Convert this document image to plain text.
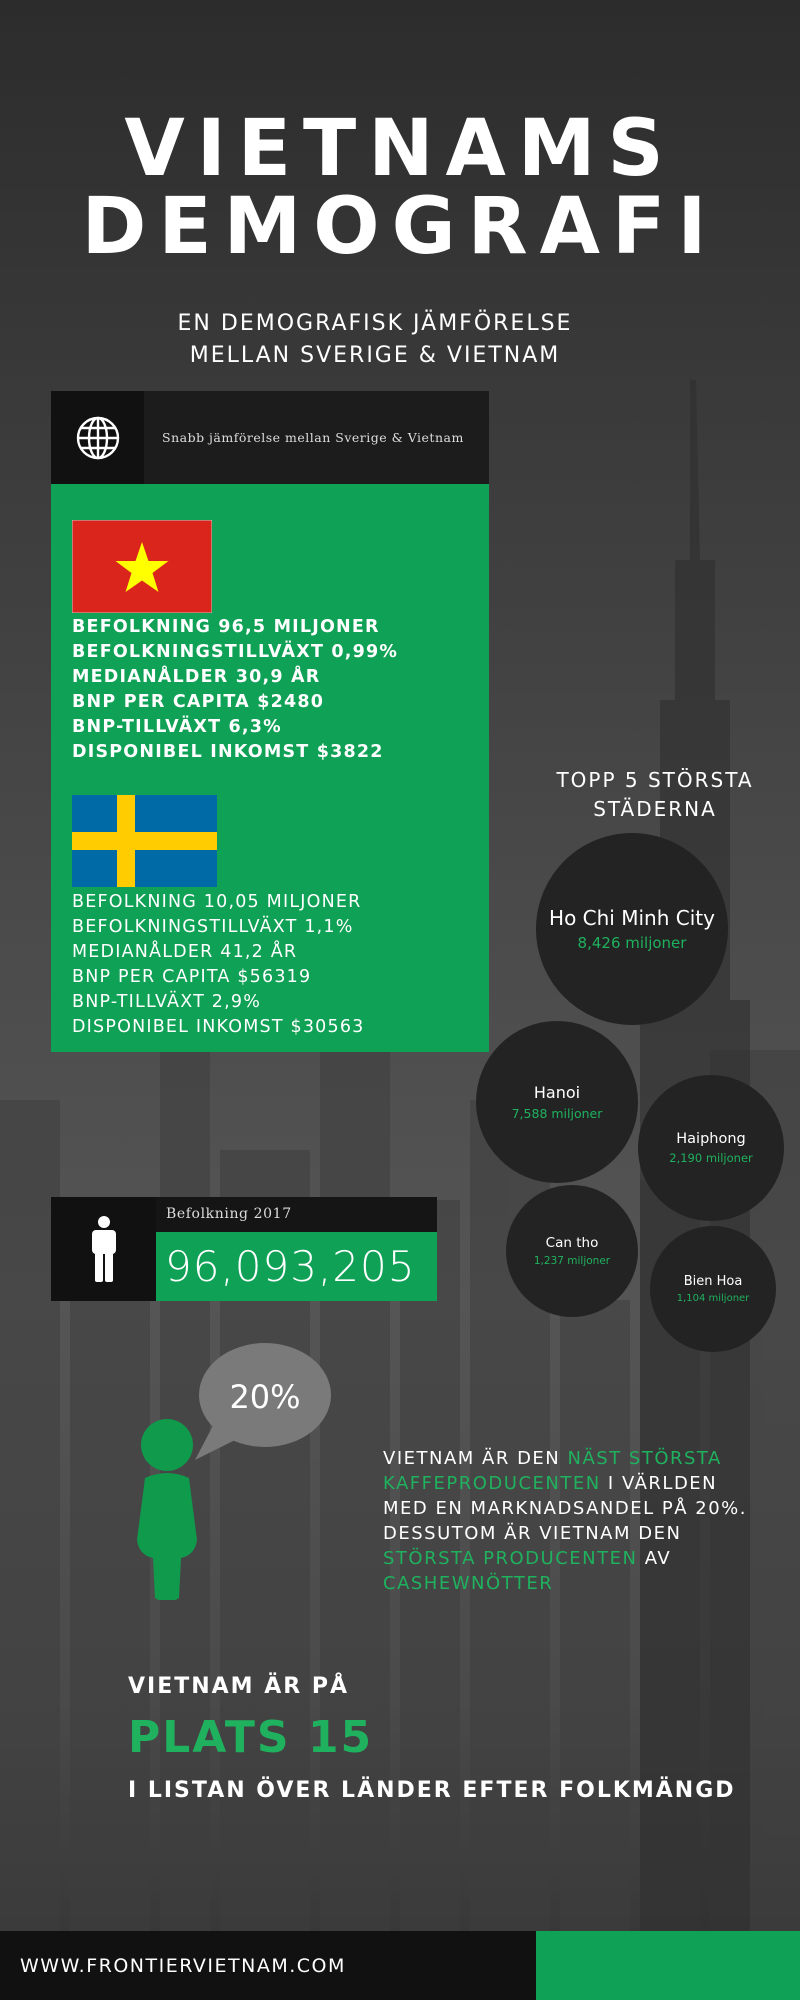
VIETNAMS
DEMOGRAFI
EN DEMOGRAFISK JÄMFÖRELSE
MELLAN SVERIGE & VIETNAM
Snabb jämförelse mellan Sverige & Vietnam
BEFOLKNING 96,5 MILJONER
BEFOLKNINGSTILLVÄXT 0,99%
MEDIANÅLDER 30,9 ÅR
BNP PER CAPITA $2480
BNP-TILLVÄXT 6,3%
DISPONIBEL INKOMST $3822
BEFOLKNING 10,05 MILJONER
BEFOLKNINGSTILLVÄXT 1,1%
MEDIANÅLDER 41,2 ÅR
BNP PER CAPITA $56319
BNP-TILLVÄXT 2,9%
DISPONIBEL INKOMST $30563
TOPP 5 STÖRSTA
STÄDERNA
Ho Chi Minh City
8,426 miljoner
Hanoi
7,588 miljoner
Haiphong
2,190 miljoner
Can tho
1,237 miljoner
Bien Hoa
1,104 miljoner
Befolkning 2017
96,093,205
20%
VIETNAM ÄR DEN NÄST STÖRSTA KAFFEPRODUCENTEN I VÄRLDEN MED EN MARKNADSANDEL PÅ 20%. DESSUTOM ÄR VIETNAM DEN STÖRSTA PRODUCENTEN AV CASHEWNÖTTER
VIETNAM ÄR PÅ
PLATS 15
I LISTAN ÖVER LÄNDER EFTER FOLKMÄNGD
WWW.FRONTIERVIETNAM.COM
